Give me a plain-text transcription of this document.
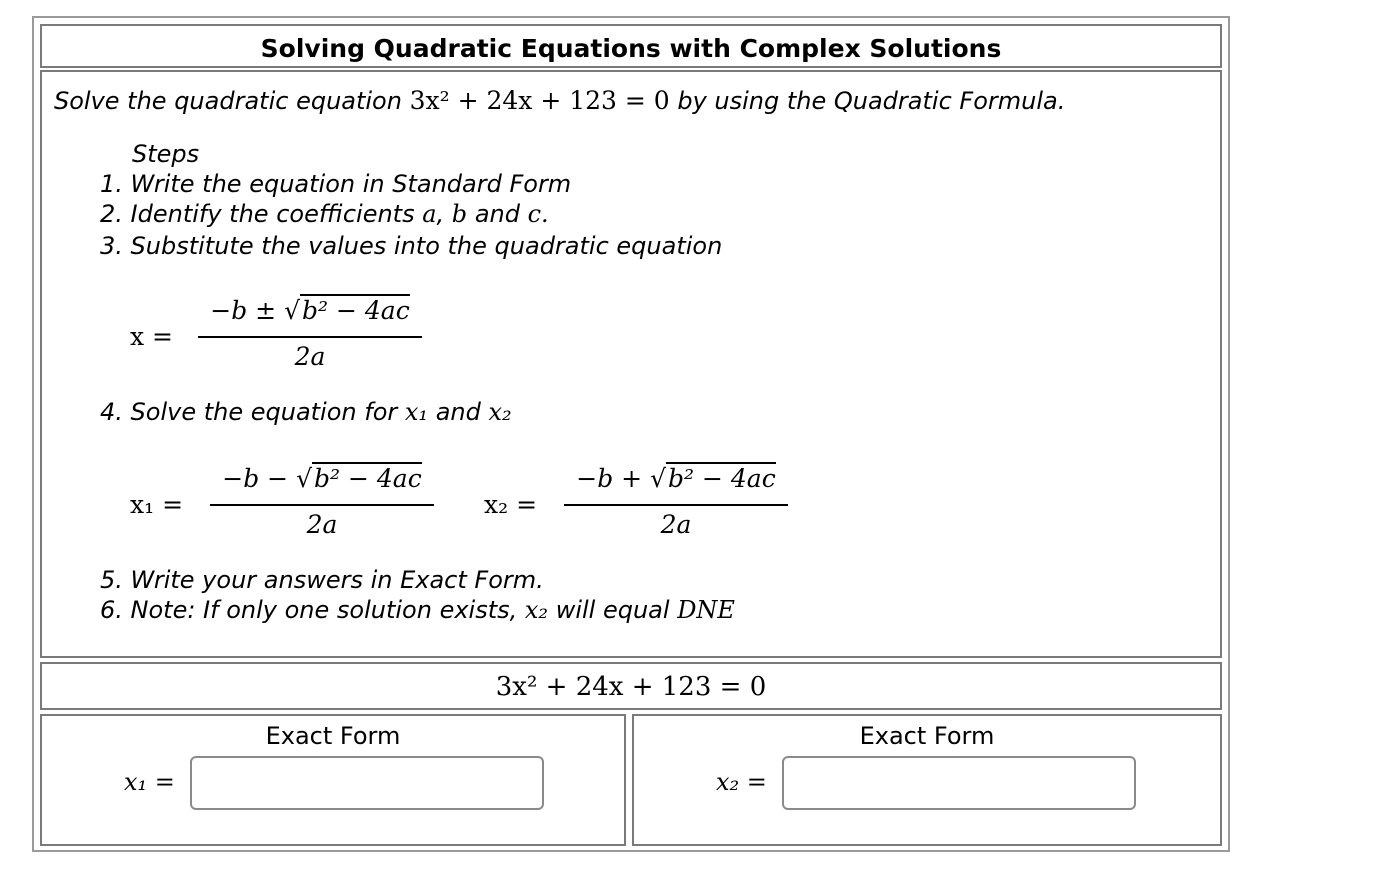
Solving Quadratic Equations with Complex Solutions
Solve the quadratic equation 3x² + 24x + 123 = 0 by using the Quadratic Formula.
Steps
1. Write the equation in Standard Form
2. Identify the coefficients a, b and c.
3. Substitute the values into the quadratic equation
x =
−b ± √b² − 4ac
2a
4. Solve the equation for x₁ and x₂
x₁ =
−b − √b² − 4ac
2a
x₂ =
−b + √b² − 4ac
2a
5. Write your answers in Exact Form.
6. Note: If only one solution exists, x₂ will equal DNE
3x² + 24x + 123 = 0
Exact Form
x₁ =
Exact Form
x₂ =
